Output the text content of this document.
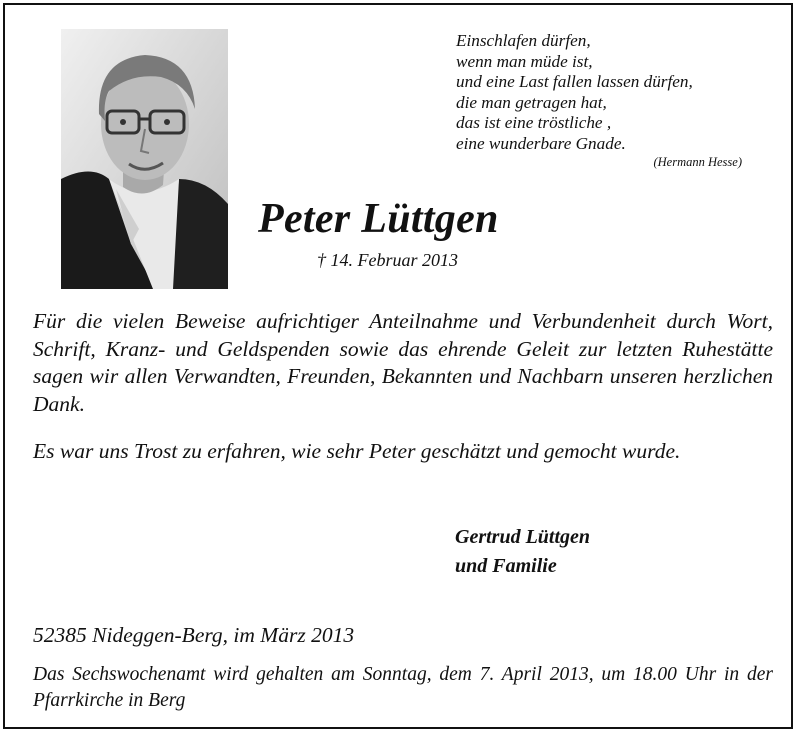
Einschlafen dürfen,
wenn man müde ist,
und eine Last fallen lassen dürfen,
die man getragen hat,
das ist eine tröstliche ,
eine wunderbare Gnade.
(Hermann Hesse)
Peter Lüttgen
† 14. Februar 2013
Für die vielen Beweise aufrichtiger Anteilnahme und Verbundenheit durch Wort, Schrift, Kranz- und Geldspenden sowie das ehrende Geleit zur letzten Ruhestätte sagen wir allen Verwandten, Freunden, Bekannten und Nachbarn unseren herzlichen Dank.
Es war uns Trost zu erfahren, wie sehr Peter geschätzt und gemocht wurde.
Gertrud Lüttgen
und Familie
52385 Nideggen-Berg, im März 2013
Das Sechswochenamt wird gehalten am Sonntag, dem 7. April 2013, um 18.00 Uhr in der Pfarrkirche in Berg
